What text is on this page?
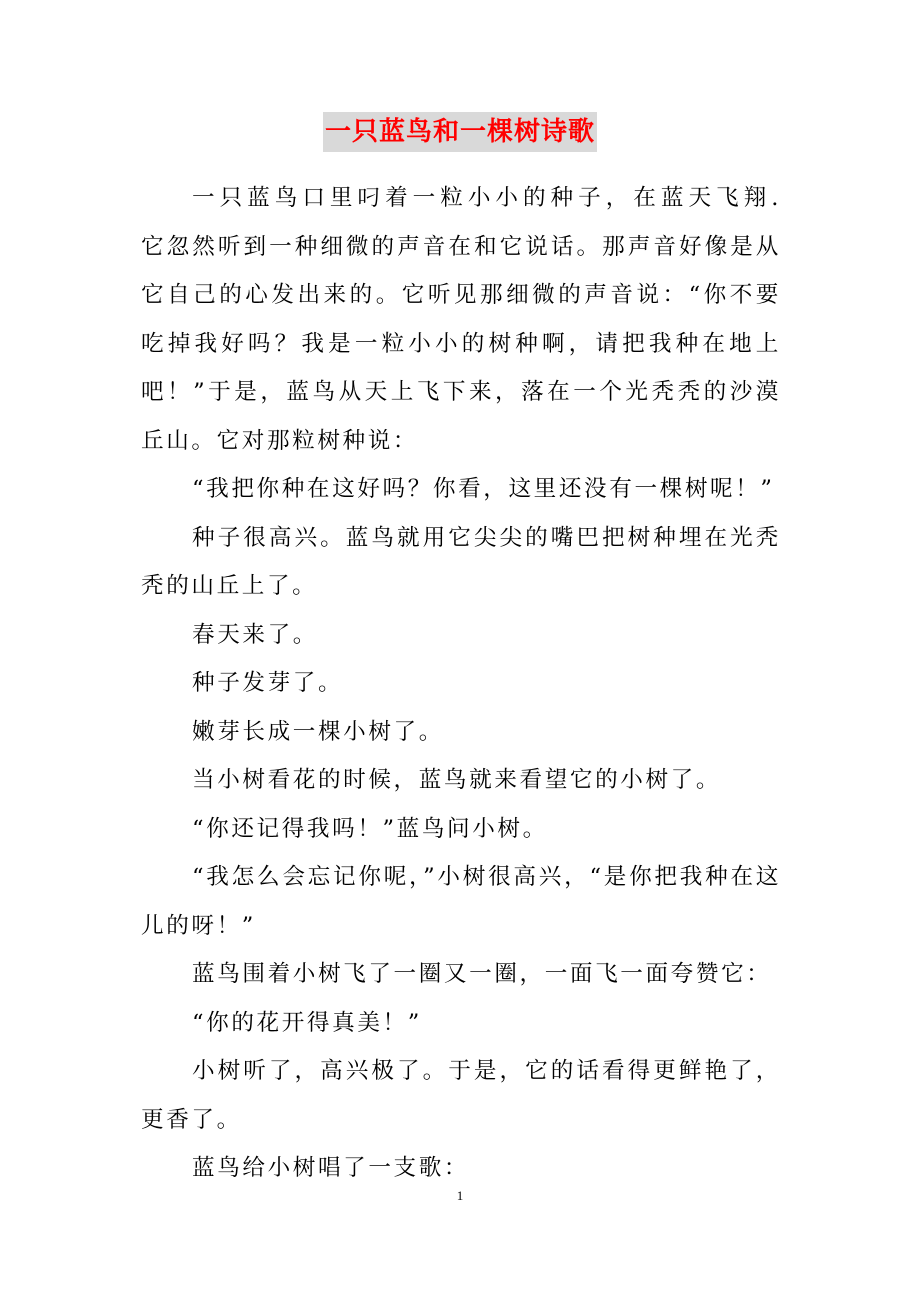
一只蓝鸟和一棵树诗歌

一只蓝鸟口里叼着一粒小小的种子，在蓝天飞翔.　　它忽然听到一种细微的声音在和它说话。那声音好像是从它自己的心发出来的。它听见那细微的声音说：“你不要吃掉我好吗？我是一粒小小的树种啊，请把我种在地上吧！”于是，蓝鸟从天上飞下来，落在一个光秃秃的沙漠丘山。它对那粒树种说：

“我把你种在这好吗？你看，这里还没有一棵树呢！”

种子很高兴。蓝鸟就用它尖尖的嘴巴把树种埋在光秃秃的山丘上了。

春天来了。

种子发芽了。

嫩芽长成一棵小树了。

当小树看花的时候，蓝鸟就来看望它的小树了。

“你还记得我吗！”蓝鸟问小树。

“我怎么会忘记你呢，”小树很高兴，“是你把我种在这儿的呀！”

蓝鸟围着小树飞了一圈又一圈，一面飞一面夸赞它：

“你的花开得真美！”

小树听了，高兴极了。于是，它的话看得更鲜艳了，更香了。

蓝鸟给小树唱了一支歌：

1
